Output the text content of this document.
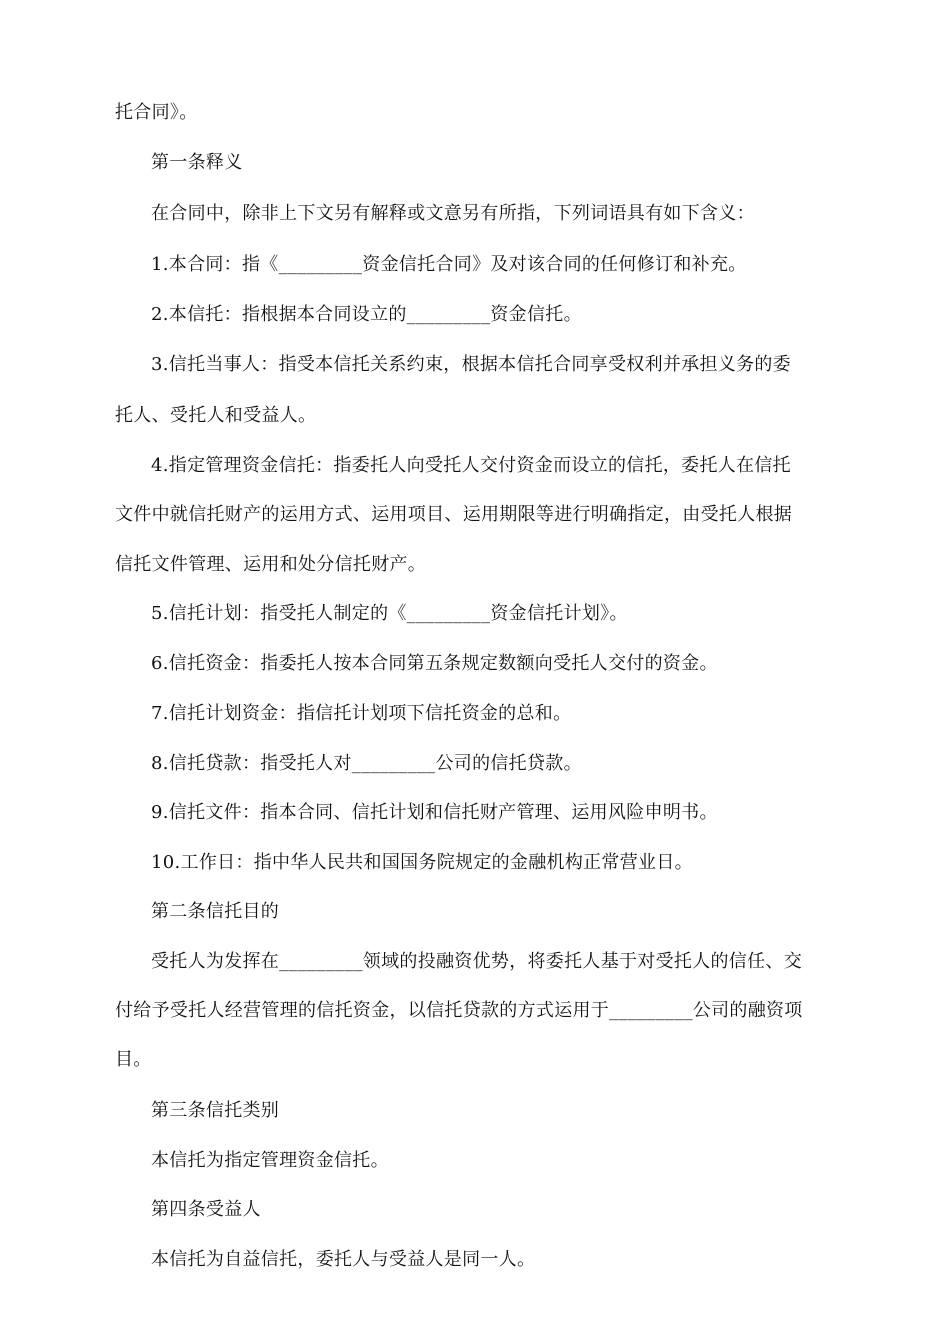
托合同》。
第一条释义
在合同中，除非上下文另有解释或文意另有所指，下列词语具有如下含义：
1.本合同：指《_________资金信托合同》及对该合同的任何修订和补充。
2.本信托：指根据本合同设立的_________资金信托。
3.信托当事人：指受本信托关系约束，根据本信托合同享受权利并承担义务的委
托人、受托人和受益人。
4.指定管理资金信托：指委托人向受托人交付资金而设立的信托，委托人在信托
文件中就信托财产的运用方式、运用项目、运用期限等进行明确指定，由受托人根据
信托文件管理、运用和处分信托财产。
5.信托计划：指受托人制定的《_________资金信托计划》。
6.信托资金：指委托人按本合同第五条规定数额向受托人交付的资金。
7.信托计划资金：指信托计划项下信托资金的总和。
8.信托贷款：指受托人对_________公司的信托贷款。
9.信托文件：指本合同、信托计划和信托财产管理、运用风险申明书。
10.工作日：指中华人民共和国国务院规定的金融机构正常营业日。
第二条信托目的
受托人为发挥在_________领域的投融资优势，将委托人基于对受托人的信任、交
付给予受托人经营管理的信托资金，以信托贷款的方式运用于_________公司的融资项
目。
第三条信托类别
本信托为指定管理资金信托。
第四条受益人
本信托为自益信托，委托人与受益人是同一人。
